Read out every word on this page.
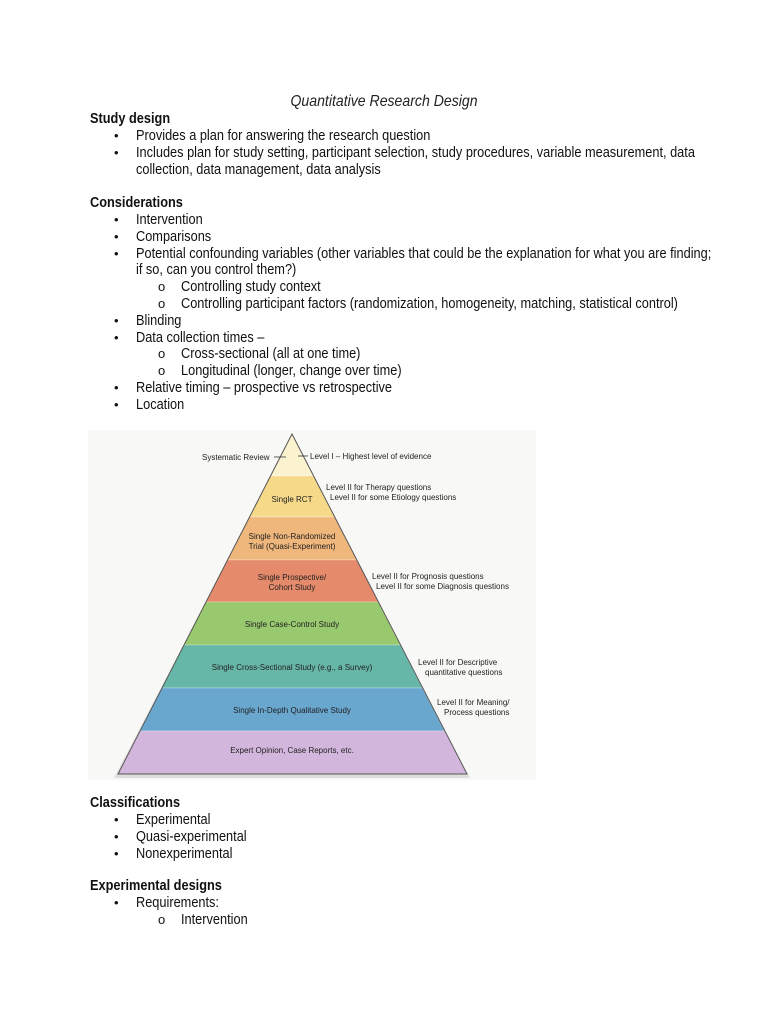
Quantitative Research Design
Study design
• Provides a plan for answering the research question
• Includes plan for study setting, participant selection, study procedures, variable measurement, data collection, data management, data analysis
Considerations
• Intervention
• Comparisons
• Potential confounding variables (other variables that could be the explanation for what you are finding; if so, can you control them?)
o Controlling study context
o Controlling participant factors (randomization, homogeneity, matching, statistical control)
• Blinding
• Data collection times –
o Cross-sectional (all at one time)
o Longitudinal (longer, change over time)
• Relative timing – prospective vs retrospective
• Location
Single RCT
Single Non-Randomized
Trial (Quasi-Experiment)
Single Prospective/
Cohort Study
Single Case-Control Study
Single Cross-Sectional Study (e.g., a Survey)
Single In-Depth Qualitative Study
Expert Opinion, Case Reports, etc.
Systematic Review	Level I – Highest level of evidence
Level II for Therapy questions
Level II for some Etiology questions
Level II for Prognosis questions
Level II for some Diagnosis questions
Level II for Descriptive
quantitative questions
Level II for Meaning/
Process questions
Classifications
• Experimental
• Quasi-experimental
• Nonexperimental
Experimental designs
• Requirements:
o Intervention
